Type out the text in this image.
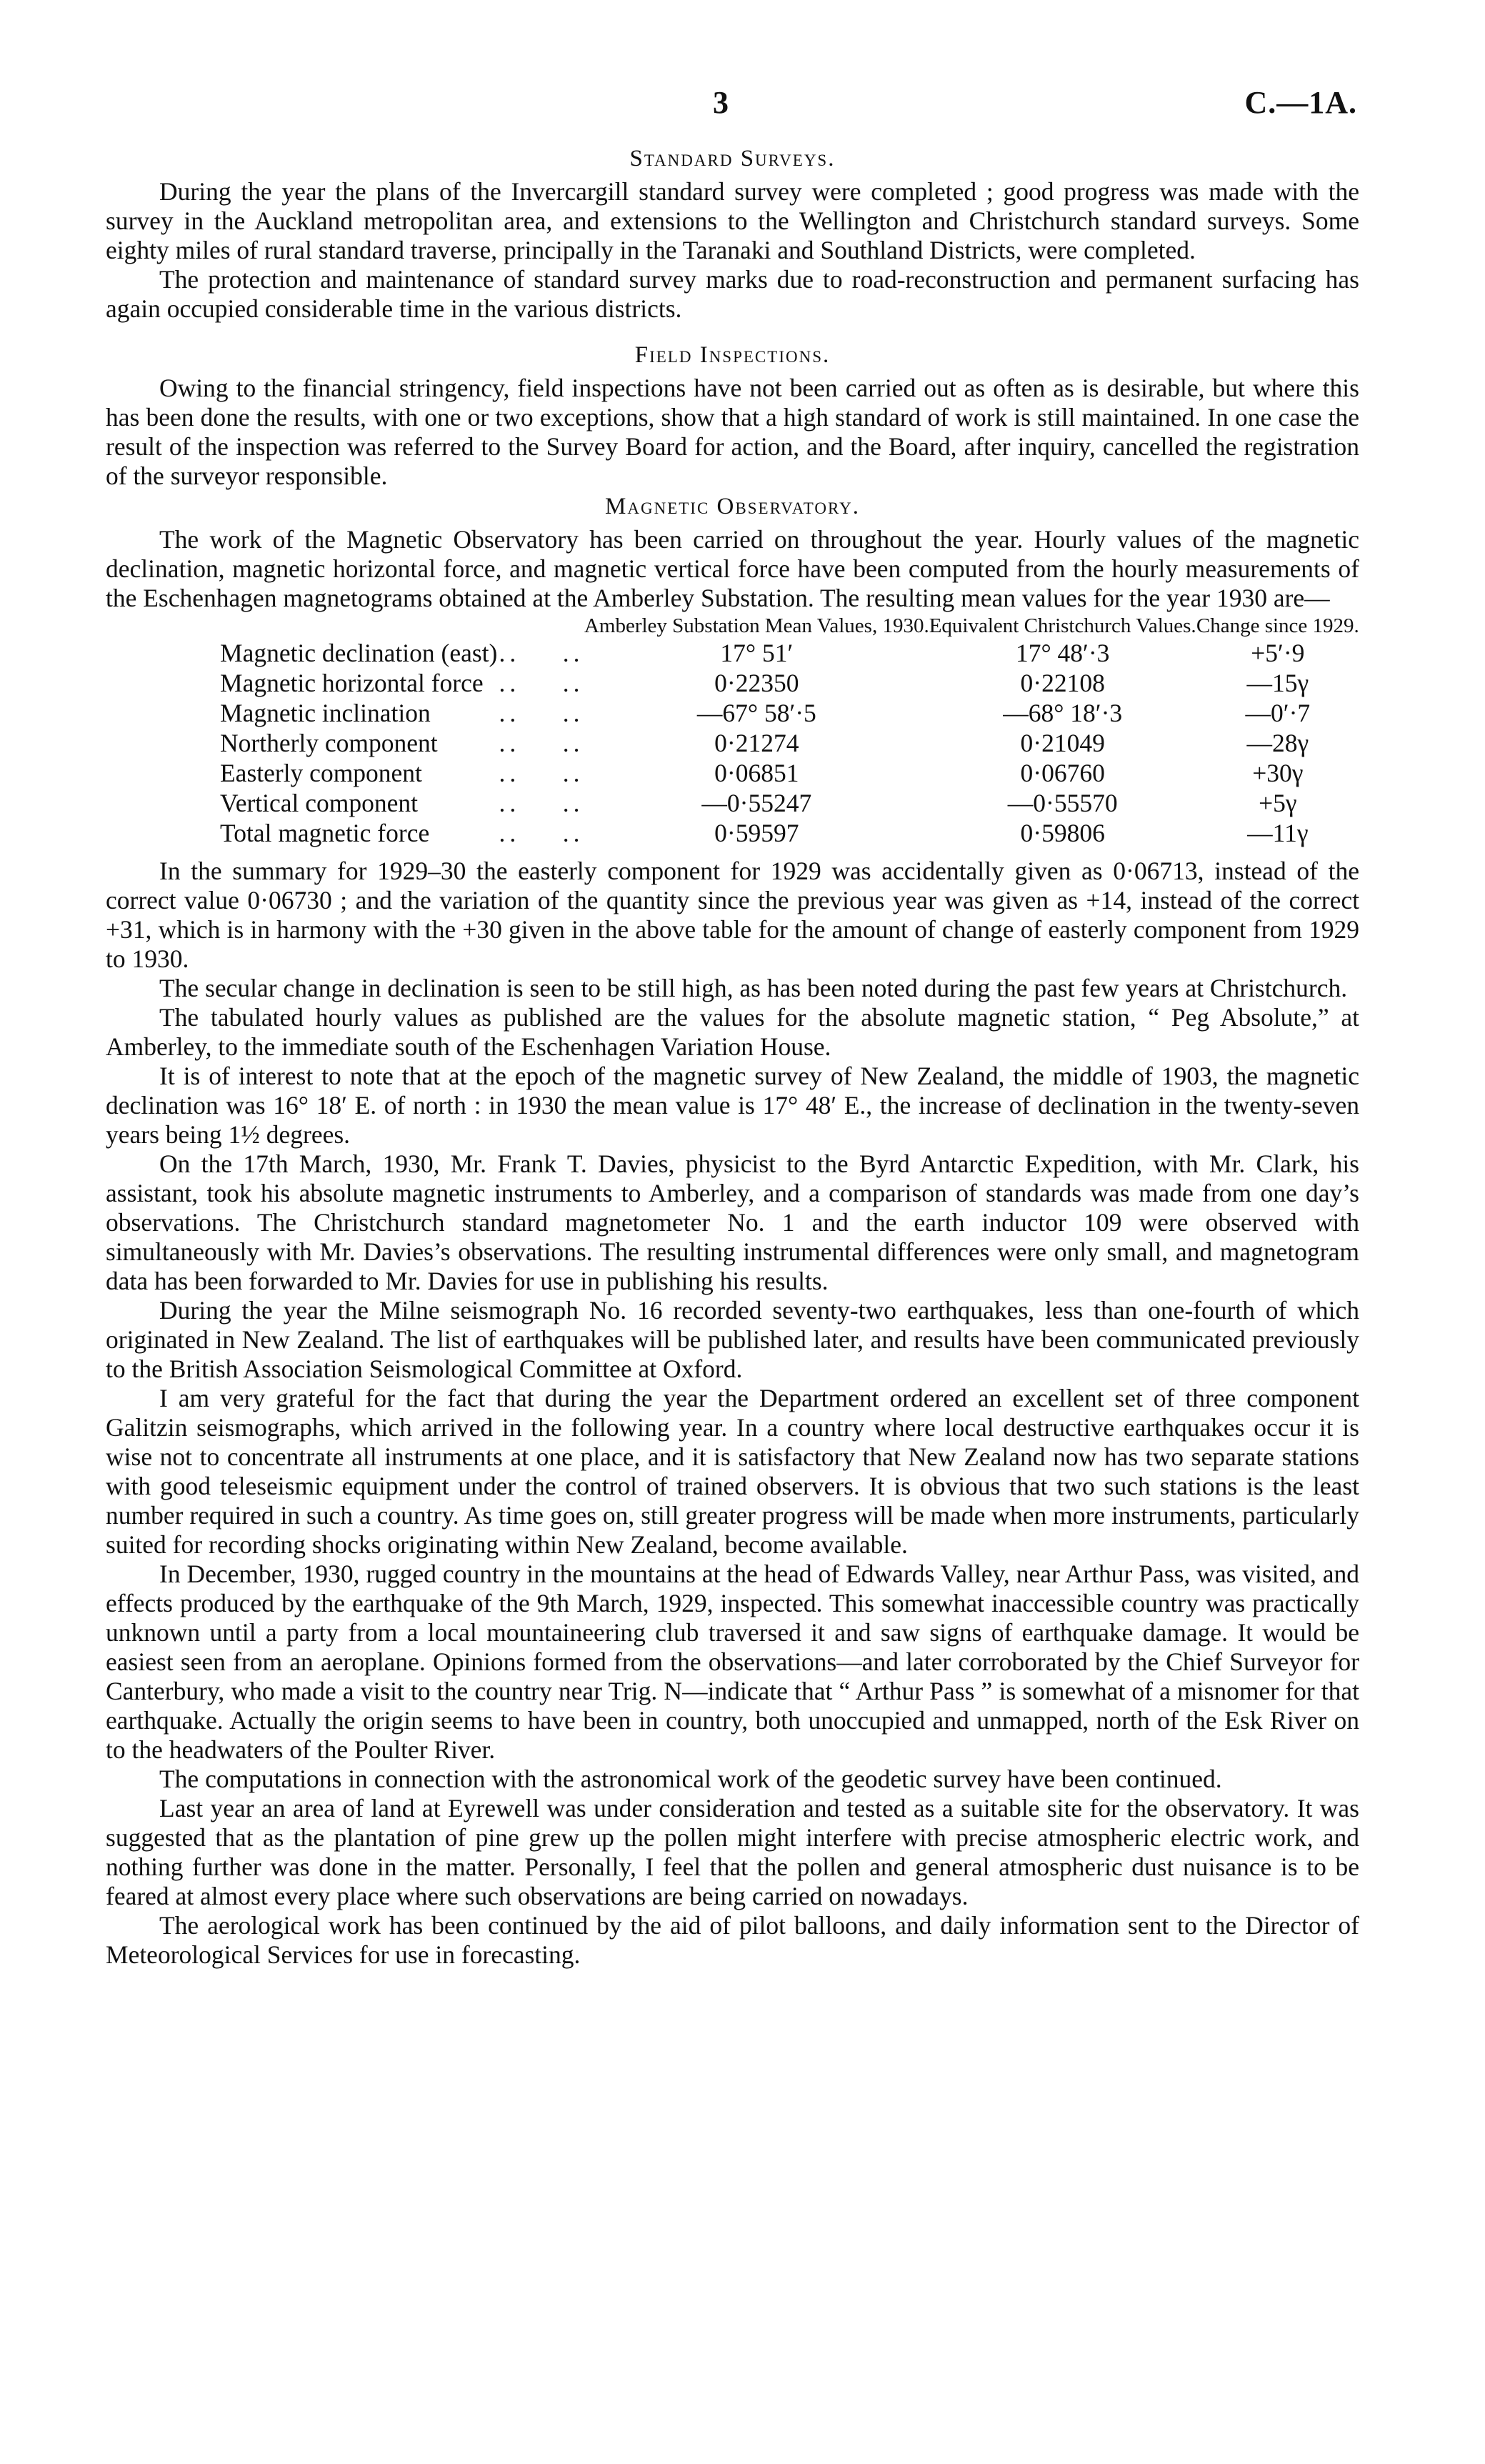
3	C.—1A.
Standard Surveys.

During the year the plans of the Invercargill standard survey were completed ; good progress was made with the survey in the Auckland metropolitan area, and extensions to the Wellington and Christchurch standard surveys. Some eighty miles of rural standard traverse, principally in the Taranaki and Southland Districts, were completed.

The protection and maintenance of standard survey marks due to road-reconstruction and permanent surfacing has again occupied considerable time in the various districts.

Field Inspections.

Owing to the financial stringency, field inspections have not been carried out as often as is desirable, but where this has been done the results, with one or two exceptions, show that a high standard of work is still maintained. In one case the result of the inspection was referred to the Survey Board for action, and the Board, after inquiry, cancelled the registration of the surveyor responsible.

Magnetic Observatory.

The work of the Magnetic Observatory has been carried on throughout the year. Hourly values of the magnetic declination, magnetic horizontal force, and magnetic vertical force have been computed from the hourly measurements of the Eschenhagen magnetograms obtained at the Amberley Substation. The resulting mean values for the year 1930 are—

		Amberley Substation Mean Values, 1930.	Equivalent Christchurch Values.	Change since 1929.
Magnetic declination (east)	..    ..	17° 51′	17° 48′·3	+5′·9
Magnetic horizontal force	..    ..	0·22350	0·22108	—15γ
Magnetic inclination	..    ..	—67° 58′·5	—68° 18′·3	—0′·7
Northerly component	..    ..	0·21274	0·21049	—28γ
Easterly component	..    ..	0·06851	0·06760	+30γ
Vertical component	..    ..	—0·55247	—0·55570	+5γ
Total magnetic force	..    ..	0·59597	0·59806	—11γ

In the summary for 1929–30 the easterly component for 1929 was accidentally given as 0·06713, instead of the correct value 0·06730 ; and the variation of the quantity since the previous year was given as +14, instead of the correct +31, which is in harmony with the +30 given in the above table for the amount of change of easterly component from 1929 to 1930.

The secular change in declination is seen to be still high, as has been noted during the past few years at Christchurch.

The tabulated hourly values as published are the values for the absolute magnetic station, “ Peg Absolute,” at Amberley, to the immediate south of the Eschenhagen Variation House.

It is of interest to note that at the epoch of the magnetic survey of New Zealand, the middle of 1903, the magnetic declination was 16° 18′ E. of north : in 1930 the mean value is 17° 48′ E., the increase of declination in the twenty-seven years being 1½ degrees.

On the 17th March, 1930, Mr. Frank T. Davies, physicist to the Byrd Antarctic Expedition, with Mr. Clark, his assistant, took his absolute magnetic instruments to Amberley, and a comparison of standards was made from one day’s observations. The Christchurch standard magnetometer No. 1 and the earth inductor 109 were observed with simultaneously with Mr. Davies’s observations. The resulting instrumental differences were only small, and magnetogram data has been forwarded to Mr. Davies for use in publishing his results.

During the year the Milne seismograph No. 16 recorded seventy-two earthquakes, less than one-fourth of which originated in New Zealand. The list of earthquakes will be published later, and results have been communicated previously to the British Association Seismological Committee at Oxford.

I am very grateful for the fact that during the year the Department ordered an excellent set of three component Galitzin seismographs, which arrived in the following year. In a country where local destructive earthquakes occur it is wise not to concentrate all instruments at one place, and it is satisfactory that New Zealand now has two separate stations with good teleseismic equipment under the control of trained observers. It is obvious that two such stations is the least number required in such a country. As time goes on, still greater progress will be made when more instruments, particularly suited for recording shocks originating within New Zealand, become available.

In December, 1930, rugged country in the mountains at the head of Edwards Valley, near Arthur Pass, was visited, and effects produced by the earthquake of the 9th March, 1929, inspected. This somewhat inaccessible country was practically unknown until a party from a local mountaineering club traversed it and saw signs of earthquake damage. It would be easiest seen from an aeroplane. Opinions formed from the observations—and later corroborated by the Chief Surveyor for Canterbury, who made a visit to the country near Trig. N—indicate that “ Arthur Pass ” is somewhat of a misnomer for that earthquake. Actually the origin seems to have been in country, both unoccupied and unmapped, north of the Esk River on to the headwaters of the Poulter River.

The computations in connection with the astronomical work of the geodetic survey have been continued.

Last year an area of land at Eyrewell was under consideration and tested as a suitable site for the observatory. It was suggested that as the plantation of pine grew up the pollen might interfere with precise atmospheric electric work, and nothing further was done in the matter. Personally, I feel that the pollen and general atmospheric dust nuisance is to be feared at almost every place where such observations are being carried on nowadays.

The aerological work has been continued by the aid of pilot balloons, and daily information sent to the Director of Meteorological Services for use in forecasting.
